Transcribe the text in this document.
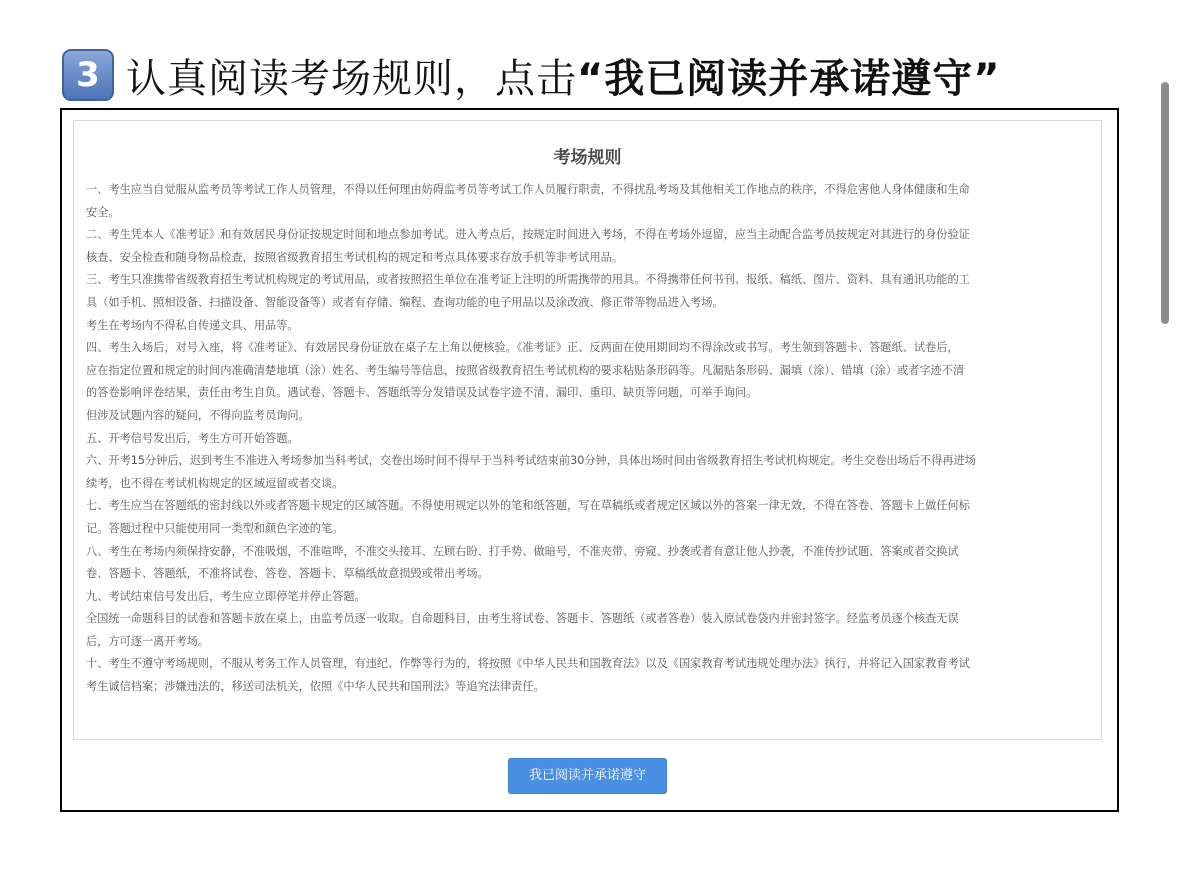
3 认真阅读考场规则，点击“我已阅读并承诺遵守”
考场规则
一、考生应当自觉服从监考员等考试工作人员管理，不得以任何理由妨碍监考员等考试工作人员履行职责，不得扰乱考场及其他相关工作地点的秩序，不得危害他人身体健康和生命
安全。
二、考生凭本人《准考证》和有效居民身份证按规定时间和地点参加考试。进入考点后，按规定时间进入考场，不得在考场外逗留，应当主动配合监考员按规定对其进行的身份验证
核查、安全检查和随身物品检查，按照省级教育招生考试机构的规定和考点具体要求存放手机等非考试用品。
三、考生只准携带省级教育招生考试机构规定的考试用品，或者按照招生单位在准考证上注明的所需携带的用具。不得携带任何书刊、报纸、稿纸、图片、资料、具有通讯功能的工
具（如手机、照相设备、扫描设备、智能设备等）或者有存储、编程、查询功能的电子用品以及涂改液、修正带等物品进入考场。
考生在考场内不得私自传递文具、用品等。
四、考生入场后，对号入座，将《准考证》、有效居民身份证放在桌子左上角以便核验。《准考证》正、反两面在使用期间均不得涂改或书写。考生领到答题卡、答题纸、试卷后，
应在指定位置和规定的时间内准确清楚地填（涂）姓名、考生编号等信息，按照省级教育招生考试机构的要求粘贴条形码等。凡漏贴条形码、漏填（涂）、错填（涂）或者字迹不清
的答卷影响评卷结果，责任由考生自负。遇试卷、答题卡、答题纸等分发错误及试卷字迹不清、漏印、重印、缺页等问题，可举手询问。
但涉及试题内容的疑问，不得向监考员询问。
五、开考信号发出后，考生方可开始答题。
六、开考15分钟后，迟到考生不准进入考场参加当科考试，交卷出场时间不得早于当科考试结束前30分钟，具体出场时间由省级教育招生考试机构规定。考生交卷出场后不得再进场
续考，也不得在考试机构规定的区域逗留或者交谈。
七、考生应当在答题纸的密封线以外或者答题卡规定的区域答题。不得使用规定以外的笔和纸答题，写在草稿纸或者规定区域以外的答案一律无效，不得在答卷、答题卡上做任何标
记。答题过程中只能使用同一类型和颜色字迹的笔。
八、考生在考场内须保持安静，不准吸烟，不准喧哗，不准交头接耳、左顾右盼、打手势、做暗号，不准夹带、旁窥、抄袭或者有意让他人抄袭，不准传抄试题、答案或者交换试
卷、答题卡、答题纸，不准将试卷、答卷、答题卡、草稿纸故意损毁或带出考场。
九、考试结束信号发出后，考生应立即停笔并停止答题。
全国统一命题科目的试卷和答题卡放在桌上，由监考员逐一收取。自命题科目，由考生将试卷、答题卡、答题纸（或者答卷）装入原试卷袋内并密封签字。经监考员逐个核查无误
后，方可逐一离开考场。
十、考生不遵守考场规则，不服从考务工作人员管理，有违纪、作弊等行为的，将按照《中华人民共和国教育法》以及《国家教育考试违规处理办法》执行，并将记入国家教育考试
考生诚信档案；涉嫌违法的，移送司法机关，依照《中华人民共和国刑法》等追究法律责任。
我已阅读并承诺遵守
